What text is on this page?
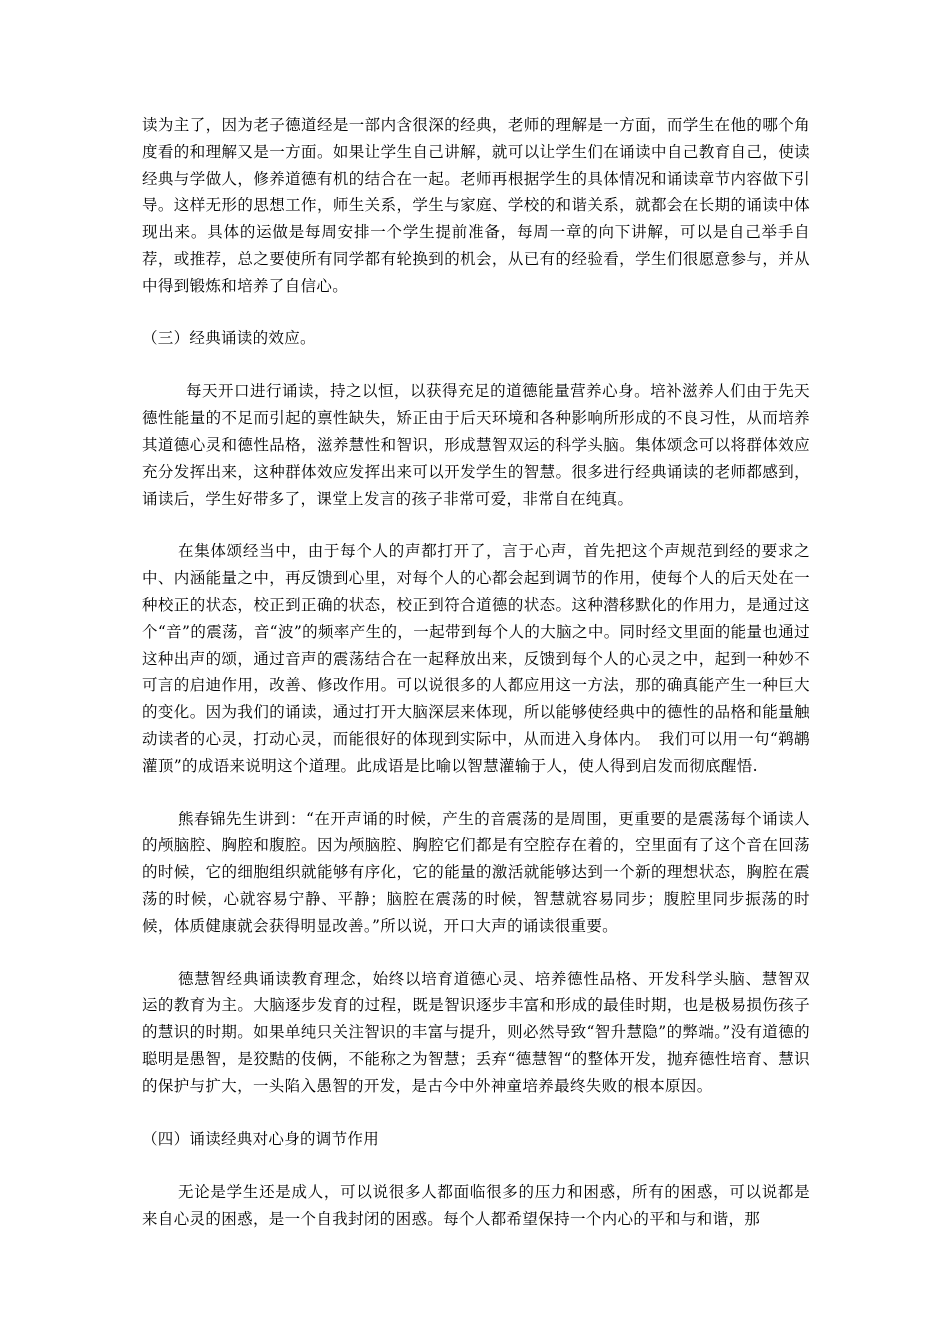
读为主了，因为老子德道经是一部内含很深的经典，老师的理解是一方面，而学生在他的哪个角度看的和理解又是一方面。如果让学生自己讲解，就可以让学生们在诵读中自己教育自己，使读经典与学做人，修养道德有机的结合在一起。老师再根据学生的具体情况和诵读章节内容做下引导。这样无形的思想工作，师生关系，学生与家庭、学校的和谐关系，就都会在长期的诵读中体现出来。具体的运做是每周安排一个学生提前准备，每周一章的向下讲解，可以是自己举手自荐，或推荐，总之要使所有同学都有轮换到的机会，从已有的经验看，学生们很愿意参与，并从中得到锻炼和培养了自信心。

（三）经典诵读的效应。

每天开口进行诵读，持之以恒，以获得充足的道德能量营养心身。培补滋养人们由于先天德性能量的不足而引起的禀性缺失，矫正由于后天环境和各种影响所形成的不良习性，从而培养其道德心灵和德性品格，滋养慧性和智识，形成慧智双运的科学头脑。集体颂念可以将群体效应充分发挥出来，这种群体效应发挥出来可以开发学生的智慧。很多进行经典诵读的老师都感到，诵读后，学生好带多了，课堂上发言的孩子非常可爱，非常自在纯真。

在集体颂经当中，由于每个人的声都打开了，言于心声，首先把这个声规范到经的要求之中、内涵能量之中，再反馈到心里，对每个人的心都会起到调节的作用，使每个人的后天处在一种校正的状态，校正到正确的状态，校正到符合道德的状态。这种潜移默化的作用力，是通过这个“音”的震荡，音“波”的频率产生的，一起带到每个人的大脑之中。同时经文里面的能量也通过这种出声的颂，通过音声的震荡结合在一起释放出来，反馈到每个人的心灵之中，起到一种妙不可言的启迪作用，改善、修改作用。可以说很多的人都应用这一方法，那的确真能产生一种巨大的变化。因为我们的诵读，通过打开大脑深层来体现，所以能够使经典中的德性的品格和能量触动读者的心灵，打动心灵，而能很好的体现到实际中，从而进入身体内。　我们可以用一句“鹈鹕灌顶”的成语来说明这个道理。此成语是比喻以智慧灌输于人，使人得到启发而彻底醒悟.

熊春锦先生讲到：“在开声诵的时候，产生的音震荡的是周围，更重要的是震荡每个诵读人的颅脑腔、胸腔和腹腔。因为颅脑腔、胸腔它们都是有空腔存在着的，空里面有了这个音在回荡的时候，它的细胞组织就能够有序化，它的能量的激活就能够达到一个新的理想状态，胸腔在震荡的时候，心就容易宁静、平静；脑腔在震荡的时候，智慧就容易同步；腹腔里同步振荡的时候，体质健康就会获得明显改善。”所以说，开口大声的诵读很重要。

德慧智经典诵读教育理念，始终以培育道德心灵、培养德性品格、开发科学头脑、慧智双运的教育为主。大脑逐步发育的过程，既是智识逐步丰富和形成的最佳时期，也是极易损伤孩子的慧识的时期。如果单纯只关注智识的丰富与提升，则必然导致“智升慧隐”的弊端。”没有道德的聪明是愚智，是狡黠的伎俩，不能称之为智慧；丢弃“德慧智“的整体开发，抛弃德性培育、慧识的保护与扩大，一头陷入愚智的开发，是古今中外神童培养最终失败的根本原因。

（四）诵读经典对心身的调节作用

无论是学生还是成人，可以说很多人都面临很多的压力和困惑，所有的困惑，可以说都是来自心灵的困惑，是一个自我封闭的困惑。每个人都希望保持一个内心的平和与和谐，那
